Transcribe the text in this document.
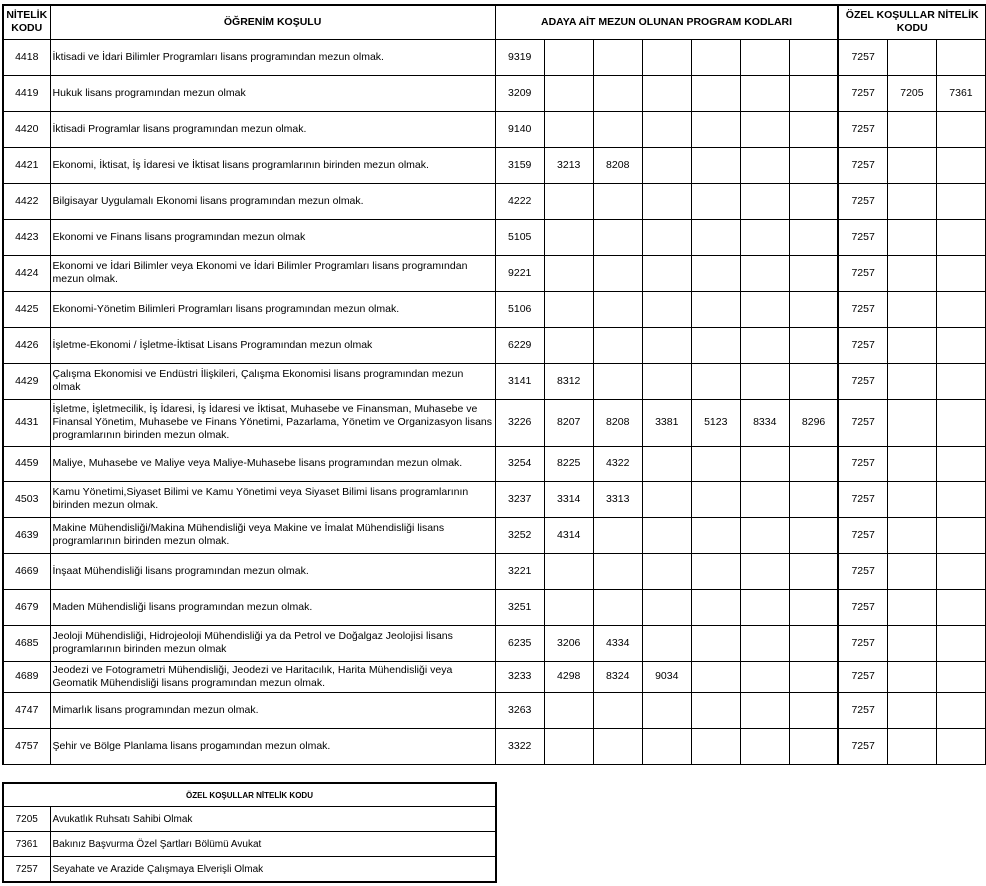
NİTELİK KODU	ÖĞRENİM KOŞULU	ADAYA AİT MEZUN OLUNAN PROGRAM KODLARI							ÖZEL KOŞULLAR NİTELİK KODU		
4418	İktisadi ve İdari Bilimler Programları lisans programından mezun olmak.	9319							7257		
4419	Hukuk lisans programından mezun olmak	3209							7257	7205	7361
4420	İktisadi Programlar lisans programından mezun olmak.	9140							7257		
4421	Ekonomi, İktisat, İş İdaresi ve İktisat lisans programlarının birinden mezun olmak.	3159	3213	8208					7257		
4422	Bilgisayar Uygulamalı Ekonomi lisans programından mezun olmak.	4222							7257		
4423	Ekonomi ve Finans lisans programından mezun olmak	5105							7257		
4424	Ekonomi ve İdari Bilimler veya Ekonomi ve İdari Bilimler Programları lisans programından mezun olmak.	9221							7257		
4425	Ekonomi-Yönetim Bilimleri Programları lisans programından mezun olmak.	5106							7257		
4426	İşletme-Ekonomi / İşletme-İktisat Lisans Programından mezun olmak	6229							7257		
4429	Çalışma Ekonomisi ve Endüstri İlişkileri, Çalışma Ekonomisi lisans programından mezun olmak	3141	8312						7257		
4431	İşletme, İşletmecilik, İş İdaresi, İş İdaresi ve İktisat, Muhasebe ve Finansman, Muhasebe ve Finansal Yönetim, Muhasebe ve Finans Yönetimi, Pazarlama, Yönetim ve Organizasyon lisans programlarının birinden mezun olmak.	3226	8207	8208	3381	5123	8334	8296	7257		
4459	Maliye, Muhasebe ve Maliye veya Maliye-Muhasebe lisans programından mezun olmak.	3254	8225	4322					7257		
4503	Kamu Yönetimi,Siyaset Bilimi ve Kamu Yönetimi veya Siyaset Bilimi lisans programlarının birinden mezun olmak.	3237	3314	3313					7257		
4639	Makine Mühendisliği/Makina Mühendisliği veya Makine ve İmalat Mühendisliği lisans programlarının birinden mezun olmak.	3252	4314						7257		
4669	İnşaat Mühendisliği lisans programından mezun olmak.	3221							7257		
4679	Maden Mühendisliği lisans programından mezun olmak.	3251							7257		
4685	Jeoloji Mühendisliği, Hidrojeoloji Mühendisliği ya da Petrol ve Doğalgaz Jeolojisi lisans programlarının birinden mezun olmak	6235	3206	4334					7257		
4689	Jeodezi ve Fotogrametri Mühendisliği, Jeodezi ve Haritacılık, Harita Mühendisliği veya Geomatik Mühendisliği lisans programından mezun olmak.	3233	4298	8324	9034				7257		
4747	Mimarlık lisans programından mezun olmak.	3263							7257		
4757	Şehir ve Bölge Planlama lisans progamından mezun olmak.	3322							7257		
ÖZEL KOŞULLAR NİTELİK KODU	
7205	Avukatlık Ruhsatı Sahibi Olmak
7361	Bakınız Başvurma Özel Şartları Bölümü Avukat
7257	Seyahate ve Arazide Çalışmaya Elverişli Olmak
